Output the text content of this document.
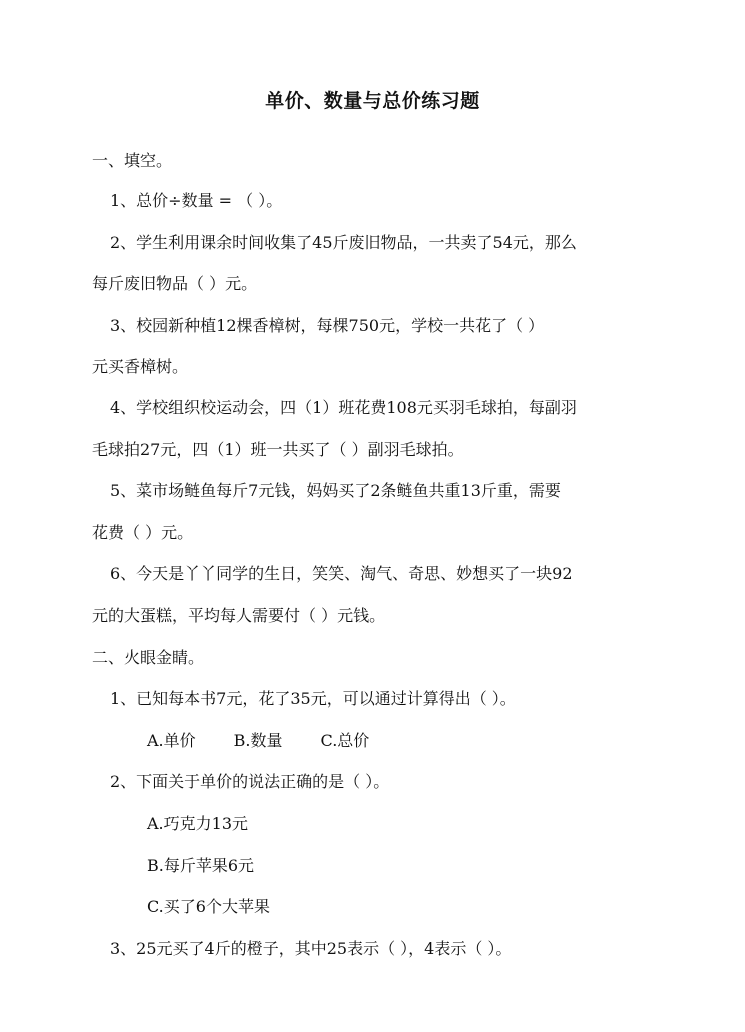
单价、数量与总价练习题
一、填空。
1、总价÷数量 = （ ）。
2、学生利用课余时间收集了45斤废旧物品，一共卖了54元，那么
每斤废旧物品（ ）元。
3、校园新种植12棵香樟树，每棵750元，学校一共花了（ ）
元买香樟树。
4、学校组织校运动会，四（1）班花费108元买羽毛球拍，每副羽
毛球拍27元，四（1）班一共买了（ ）副羽毛球拍。
5、菜市场鲢鱼每斤7元钱，妈妈买了2条鲢鱼共重13斤重，需要
花费（ ）元。
6、今天是丫丫同学的生日，笑笑、淘气、奇思、妙想买了一块92
元的大蛋糕，平均每人需要付（ ）元钱。
二、火眼金睛。
1、已知每本书7元，花了35元，可以通过计算得出（ ）。
A.单价 B.数量 C.总价
2、下面关于单价的说法正确的是（ ）。
A.巧克力13元
B.每斤苹果6元
C.买了6个大苹果
3、25元买了4斤的橙子，其中25表示（ ），4表示（ ）。
